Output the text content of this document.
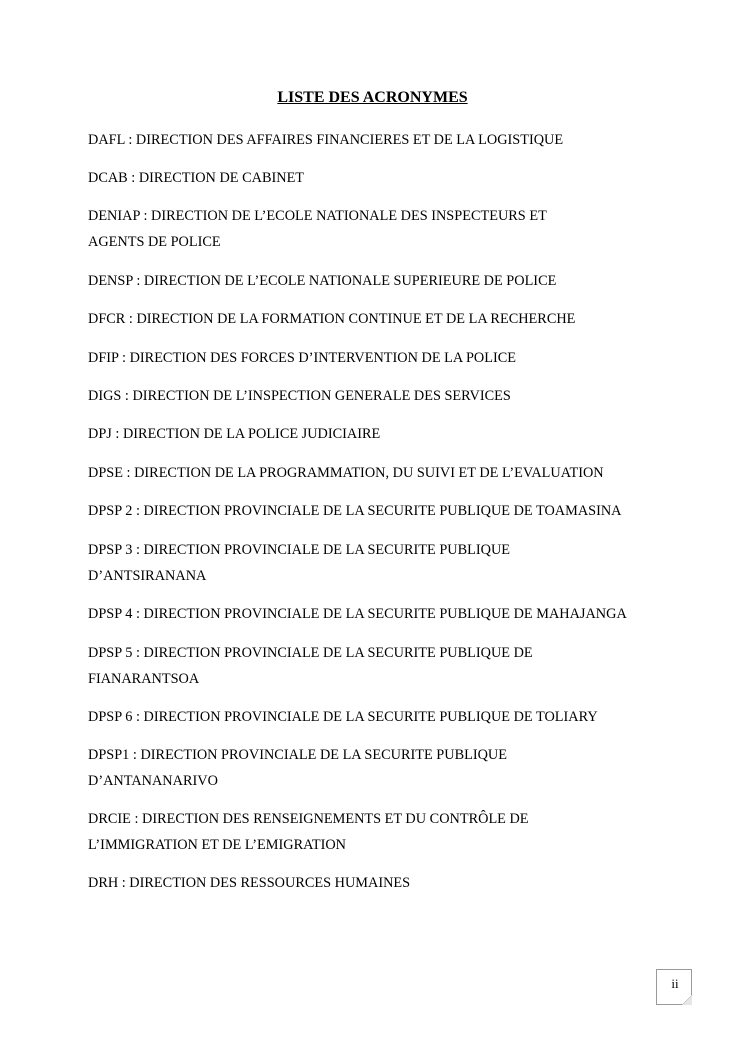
LISTE DES ACRONYMES
DAFL : DIRECTION DES AFFAIRES FINANCIERES ET DE LA LOGISTIQUE
DCAB : DIRECTION DE CABINET
DENIAP : DIRECTION DE L’ECOLE NATIONALE DES INSPECTEURS ET
AGENTS DE POLICE
DENSP : DIRECTION DE L’ECOLE NATIONALE SUPERIEURE DE POLICE
DFCR : DIRECTION DE LA FORMATION CONTINUE ET DE LA RECHERCHE
DFIP : DIRECTION DES FORCES D’INTERVENTION DE LA POLICE
DIGS : DIRECTION DE L’INSPECTION GENERALE DES SERVICES
DPJ : DIRECTION DE LA POLICE JUDICIAIRE
DPSE : DIRECTION DE LA PROGRAMMATION, DU SUIVI ET DE L’EVALUATION
DPSP 2 : DIRECTION PROVINCIALE DE LA SECURITE PUBLIQUE DE TOAMASINA
DPSP 3 : DIRECTION PROVINCIALE DE LA SECURITE PUBLIQUE
D’ANTSIRANANA
DPSP 4 : DIRECTION PROVINCIALE DE LA SECURITE PUBLIQUE DE MAHAJANGA
DPSP 5 : DIRECTION PROVINCIALE DE LA SECURITE PUBLIQUE DE
FIANARANTSOA
DPSP 6 : DIRECTION PROVINCIALE DE LA SECURITE PUBLIQUE DE TOLIARY
DPSP1 : DIRECTION PROVINCIALE DE LA SECURITE PUBLIQUE
D’ANTANANARIVO
DRCIE : DIRECTION DES RENSEIGNEMENTS ET DU CONTRÔLE DE
L’IMMIGRATION ET DE L’EMIGRATION
DRH : DIRECTION DES RESSOURCES HUMAINES
ii
